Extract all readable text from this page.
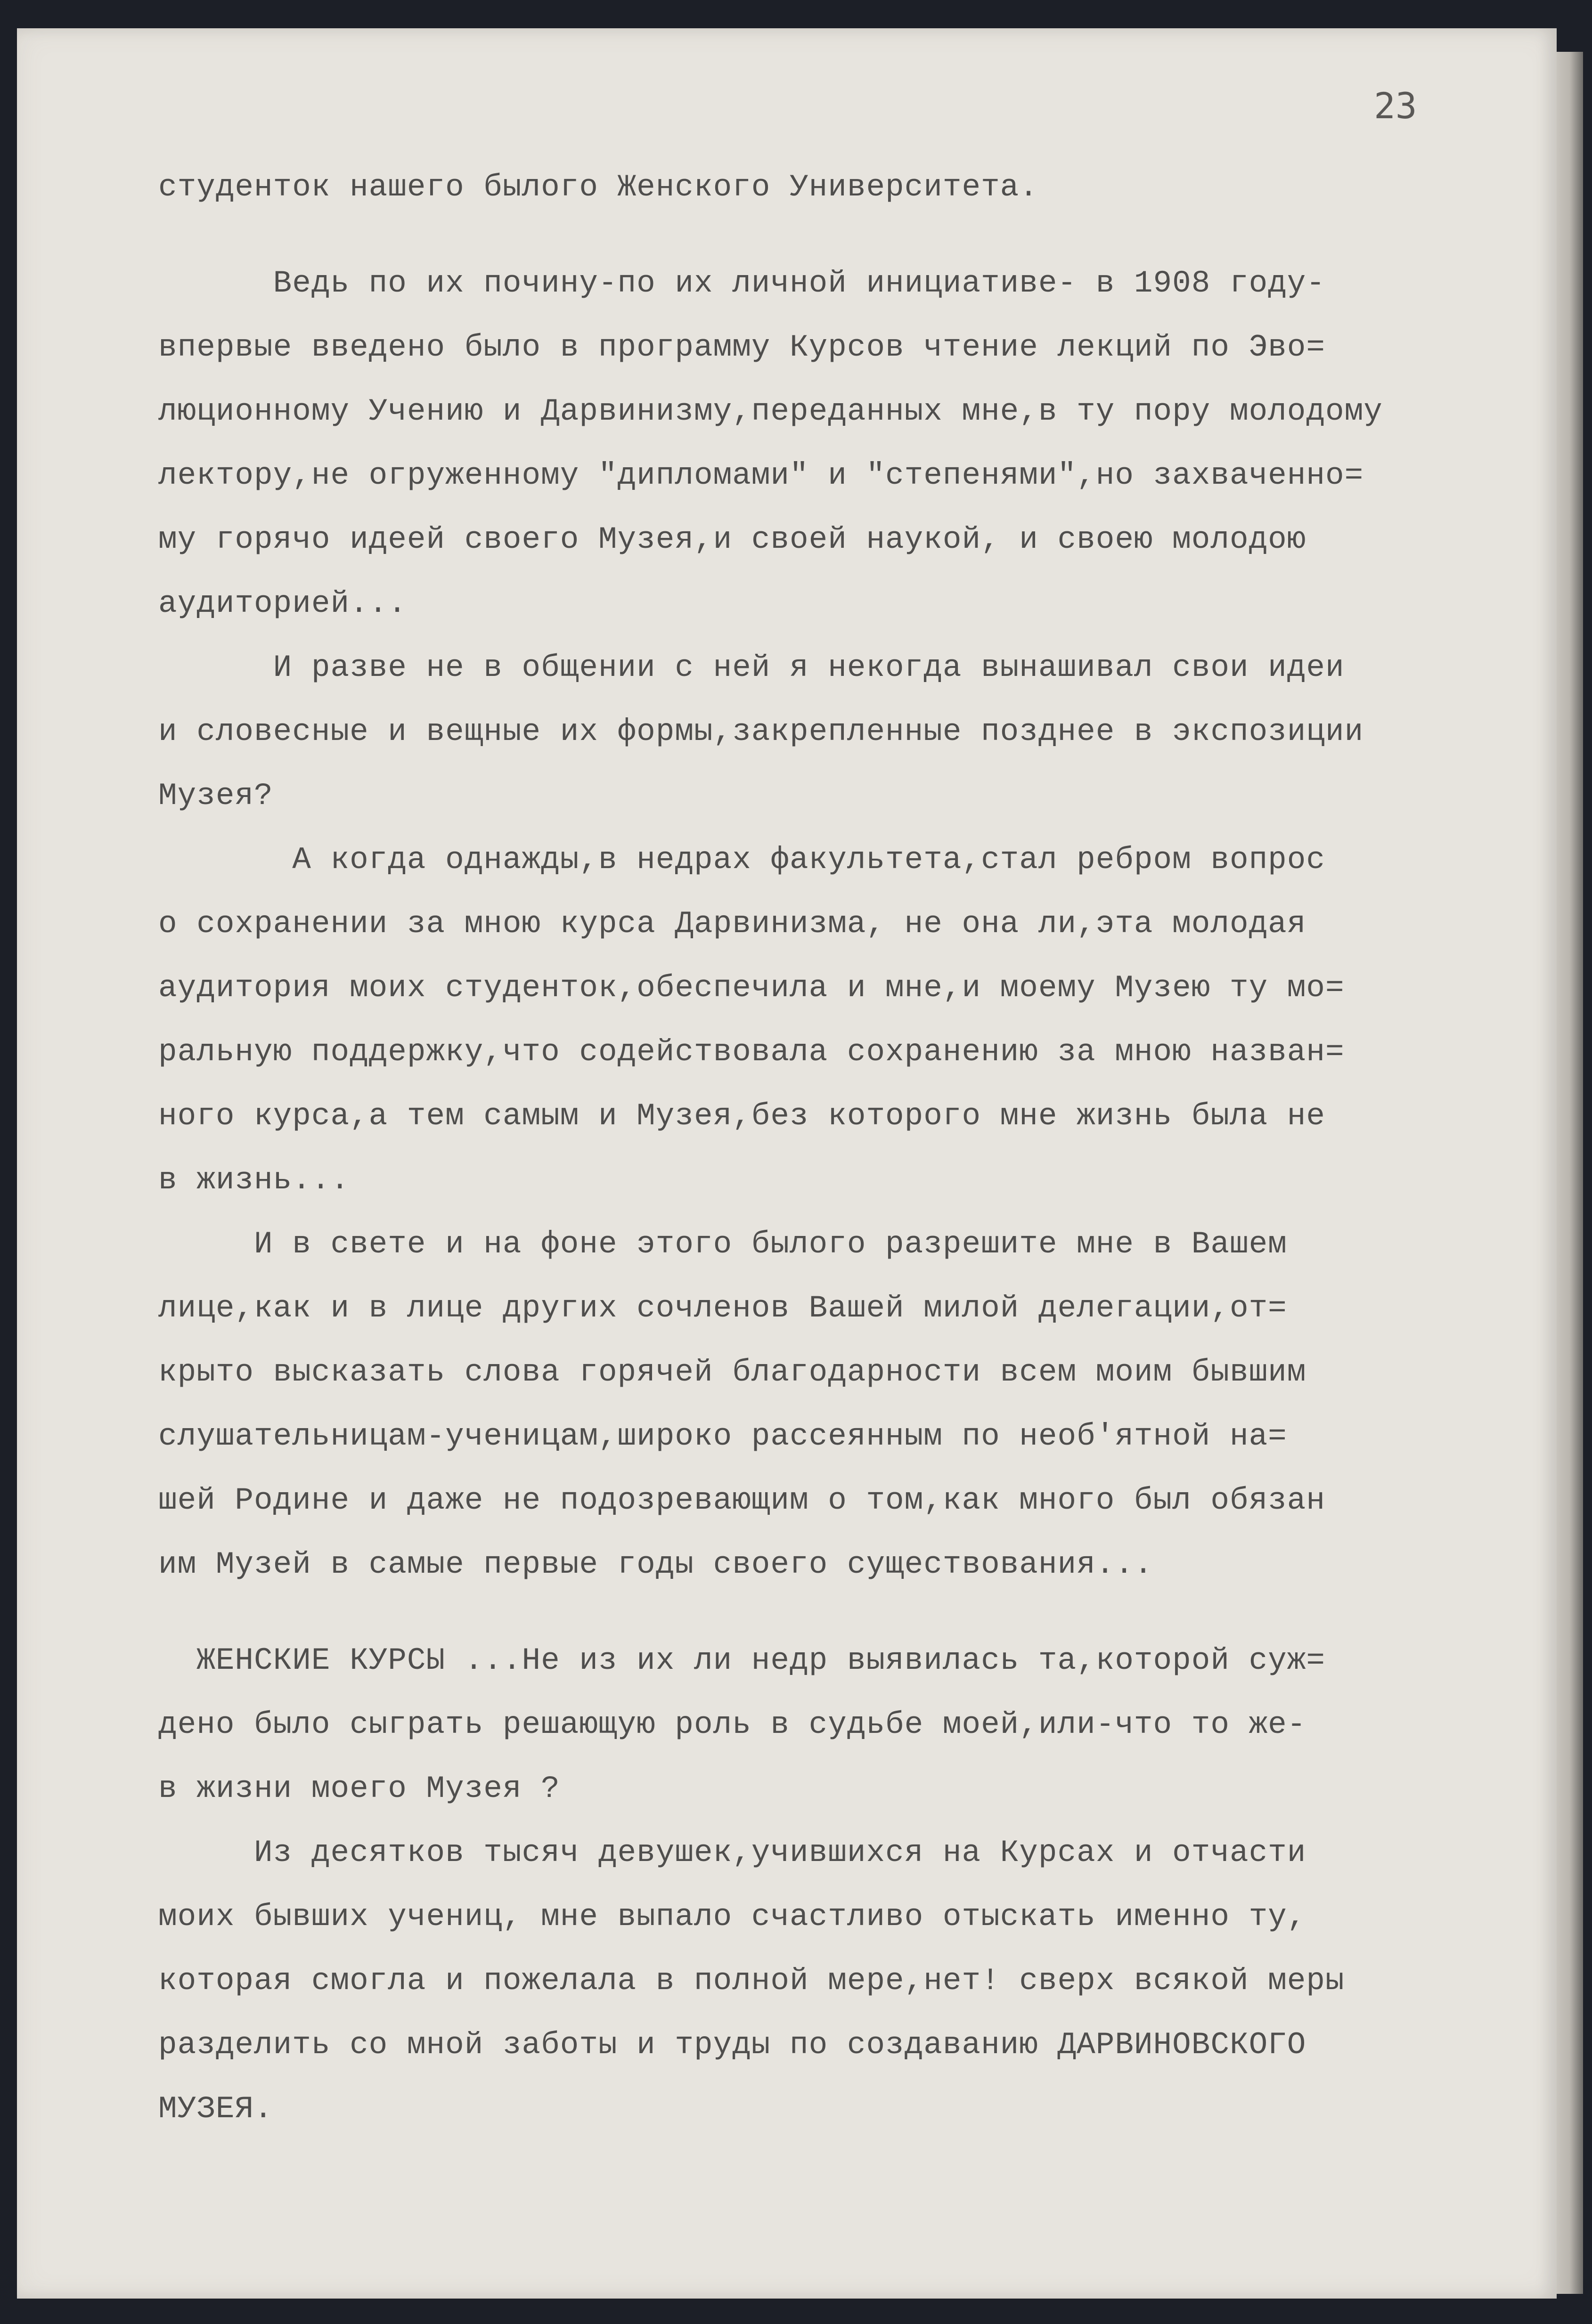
23
студенток нашего былого Женского Университета.
Ведь по их почину-по их личной инициативе- в 1908 году-
впервые введено было в программу Курсов чтение лекций по Эво=
люционному Учению и Дарвинизму,переданных мне,в ту пору молодому
лектору,не огруженному "дипломами" и "степенями",но захваченно=
му горячо идеей своего Музея,и своей наукой, и своею молодою
аудиторией...
И разве не в общении с ней я некогда вынашивал свои идеи
и словесные и вещные их формы,закрепленные позднее в экспозиции
Музея?
А когда однажды,в недрах факультета,стал ребром вопрос
о сохранении за мною курса Дарвинизма, не она ли,эта молодая
аудитория моих студенток,обеспечила и мне,и моему Музею ту мо=
ральную поддержку,что содействовала сохранению за мною назван=
ного курса,а тем самым и Музея,без которого мне жизнь была не
в жизнь...
И в свете и на фоне этого былого разрешите мне в Вашем
лице,как и в лице других сочленов Вашей милой делегации,от=
крыто высказать слова горячей благодарности всем моим бывшим
слушательницам-ученицам,широко рассеянным по необ'ятной на=
шей Родине и даже не подозревающим о том,как много был обязан
им Музей в самые первые годы своего существования...
ЖЕНСКИЕ КУРСЫ ...Не из их ли недр выявилась та,которой суж=
дено было сыграть решающую роль в судьбе моей,или-что то же-
в жизни моего Музея ?
Из десятков тысяч девушек,учившихся на Курсах и отчасти
моих бывших учениц, мне выпало счастливо отыскать именно ту,
которая смогла и пожелала в полной мере,нет! сверх всякой меры
разделить со мной заботы и труды по создаванию ДАРВИНОВСКОГО
МУЗЕЯ.
